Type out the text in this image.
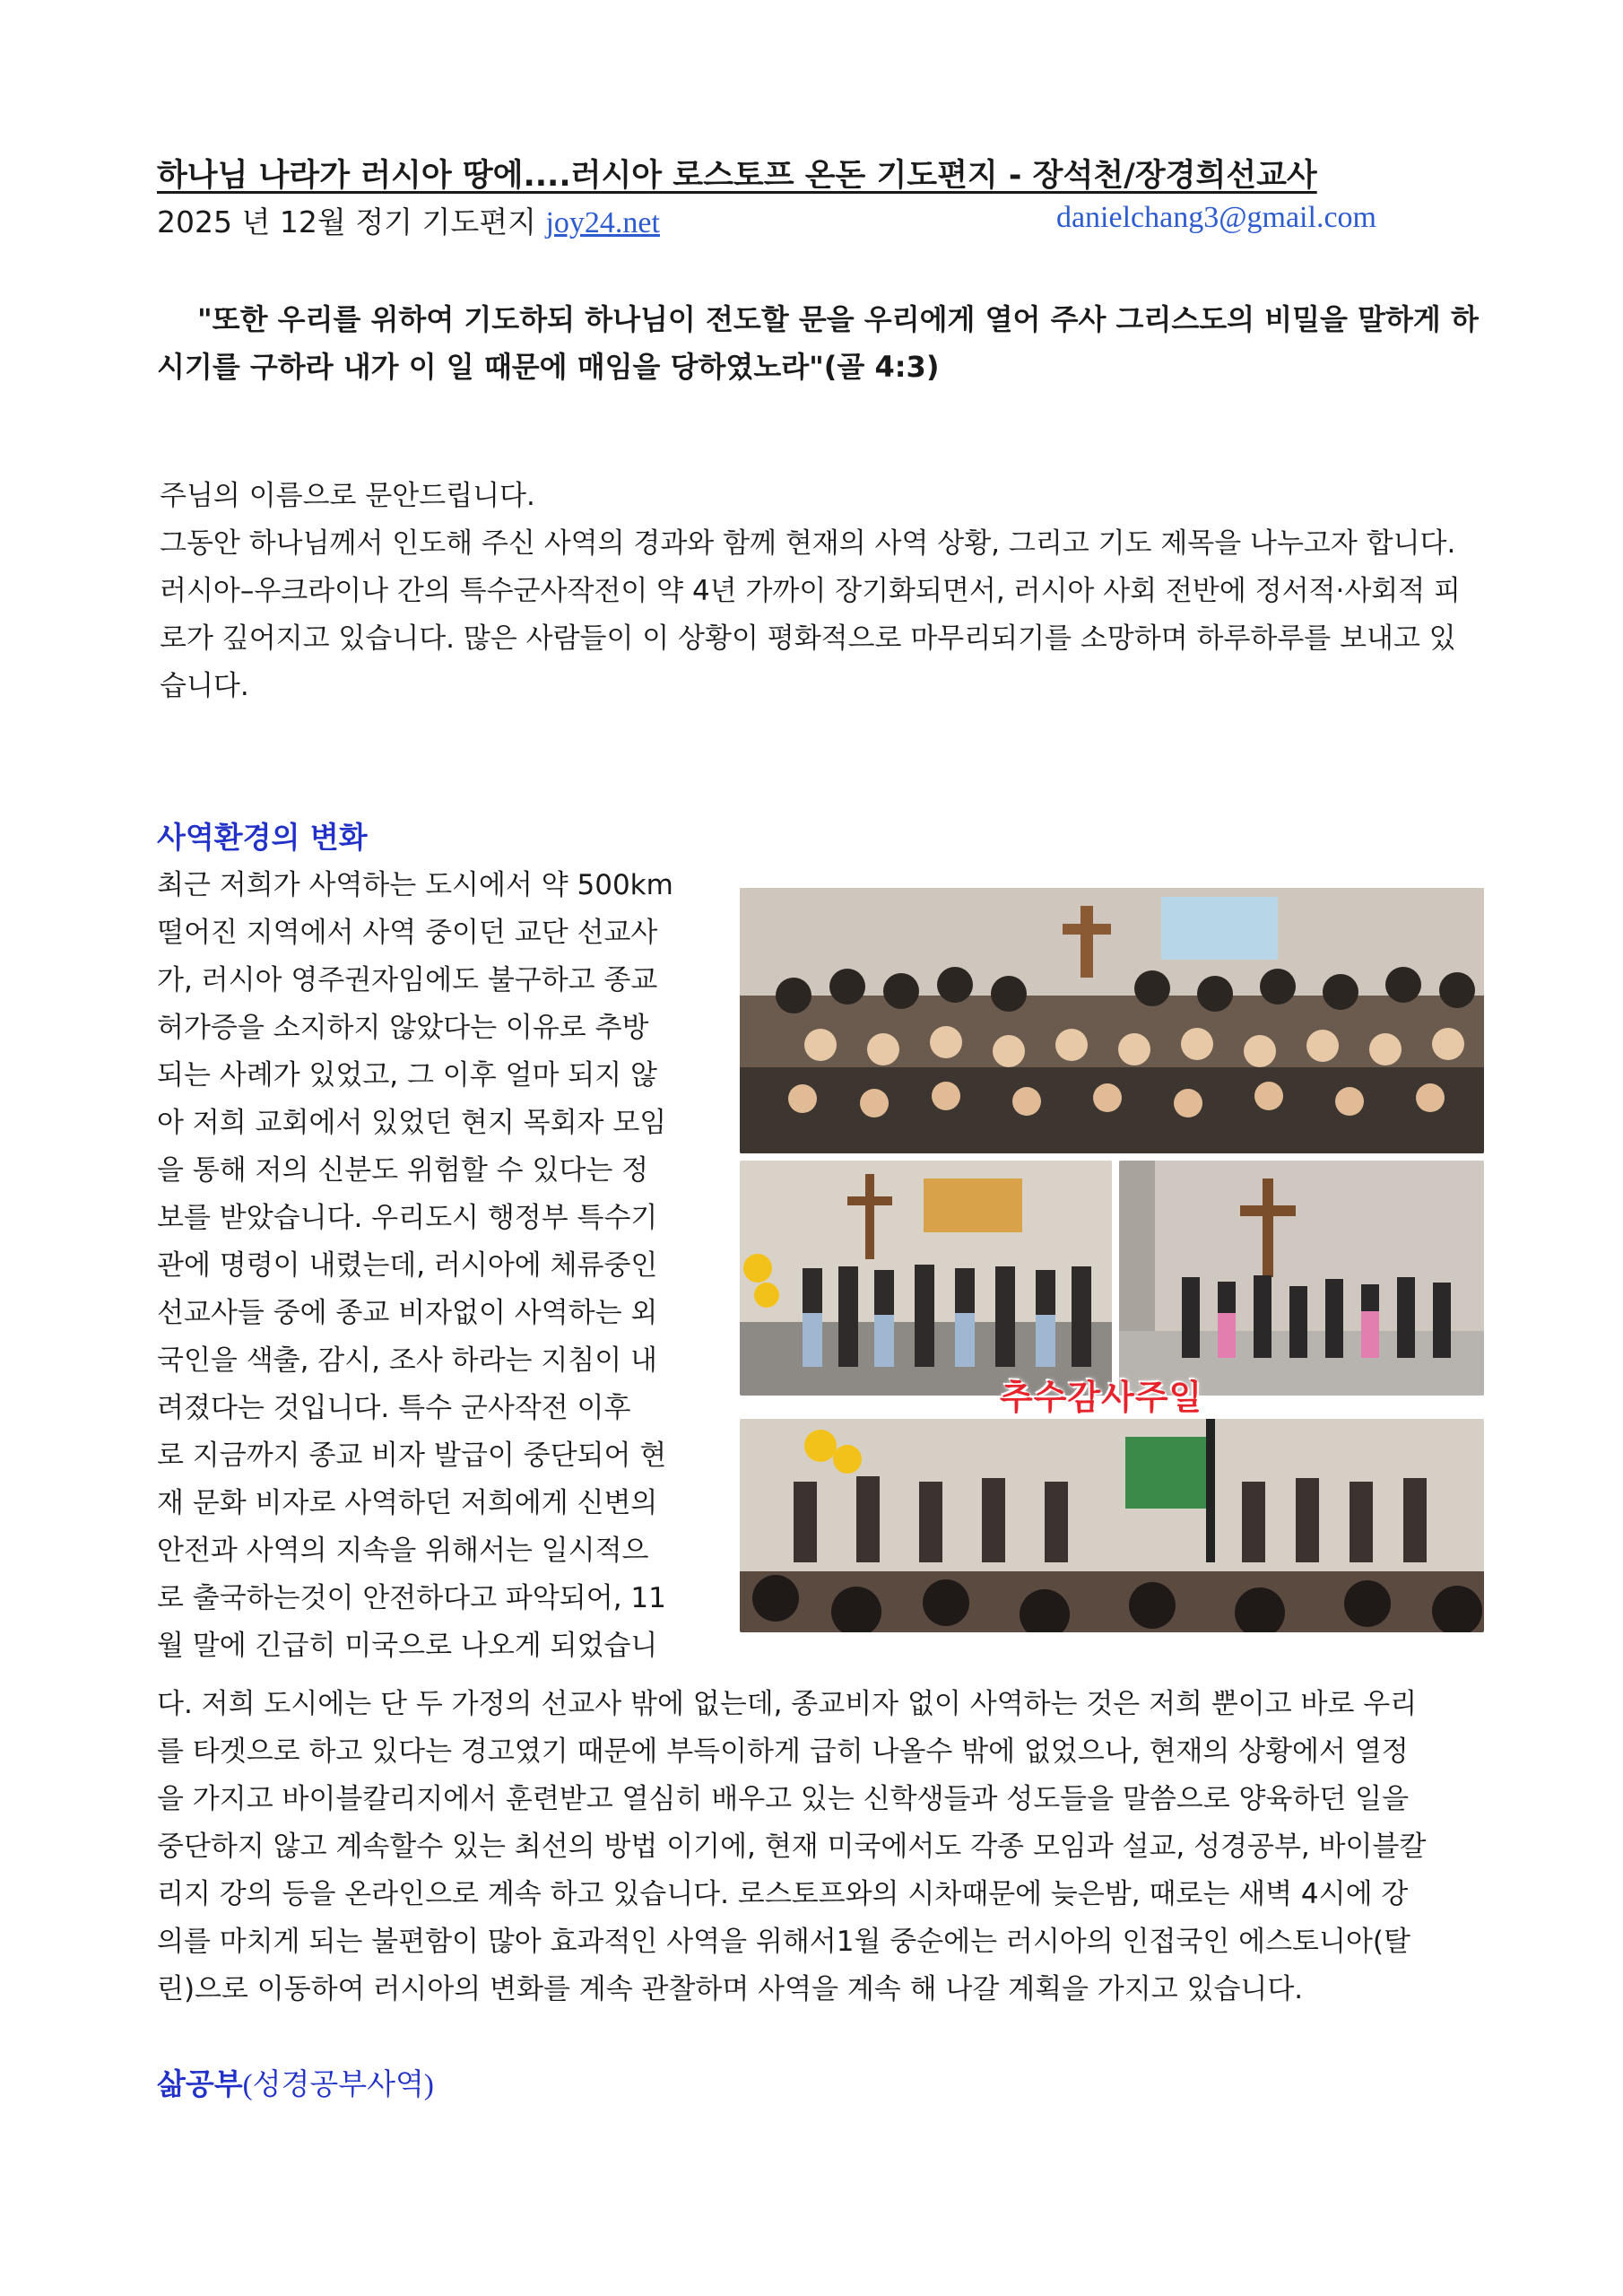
하나님 나라가 러시아 땅에....러시아 로스토프 온돈 기도편지 - 장석천/장경희선교사
2025 년 12월 정기 기도편지 joy24.net	danielchang3@gmail.com
"또한 우리를 위하여 기도하되 하나님이 전도할 문을 우리에게 열어 주사 그리스도의 비밀을 말하게 하시기를 구하라 내가 이 일 때문에 매임을 당하였노라"(골 4:3)

주님의 이름으로 문안드립니다.

그동안 하나님께서 인도해 주신 사역의 경과와 함께 현재의 사역 상황, 그리고 기도 제목을 나누고자 합니다.

러시아–우크라이나 간의 특수군사작전이 약 4년 가까이 장기화되면서, 러시아 사회 전반에 정서적·사회적 피로가 깊어지고 있습니다. 많은 사람들이 이 상황이 평화적으로 마무리되기를 소망하며 하루하루를 보내고 있습니다.

사역환경의 변화
최근 저희가 사역하는 도시에서 약 500km
떨어진 지역에서 사역 중이던 교단 선교사
가, 러시아 영주권자임에도 불구하고 종교
허가증을 소지하지 않았다는 이유로 추방
되는 사례가 있었고, 그 이후 얼마 되지 않
아 저희 교회에서 있었던 현지 목회자 모임
을 통해 저의 신분도 위험할 수 있다는 정
보를 받았습니다. 우리도시 행정부 특수기
관에 명령이 내렸는데, 러시아에 체류중인
선교사들 중에 종교 비자없이 사역하는 외
국인을 색출, 감시, 조사 하라는 지침이 내
려졌다는 것입니다. 특수 군사작전 이후
로 지금까지 종교 비자 발급이 중단되어 현
재 문화 비자로 사역하던 저희에게 신변의
안전과 사역의 지속을 위해서는 일시적으
로 출국하는것이 안전하다고 파악되어, 11
월 말에 긴급히 미국으로 나오게 되었습니
추수감사주일
다. 저희 도시에는 단 두 가정의 선교사 밖에 없는데, 종교비자 없이 사역하는 것은 저희 뿐이고 바로 우리
를 타겟으로 하고 있다는 경고였기 때문에 부득이하게 급히 나올수 밖에 없었으나, 현재의 상황에서 열정
을 가지고 바이블칼리지에서 훈련받고 열심히 배우고 있는 신학생들과 성도들을 말씀으로 양육하던 일을
중단하지 않고 계속할수 있는 최선의 방법 이기에, 현재 미국에서도 각종 모임과 설교, 성경공부, 바이블칼
리지 강의 등을 온라인으로 계속 하고 있습니다. 로스토프와의 시차때문에 늦은밤, 때로는 새벽 4시에 강
의를 마치게 되는 불편함이 많아 효과적인 사역을 위해서1월 중순에는 러시아의 인접국인 에스토니아(탈
린)으로 이동하여 러시아의 변화를 계속 관찰하며 사역을 계속 해 나갈 계획을 가지고 있습니다.
삶공부(성경공부사역)
